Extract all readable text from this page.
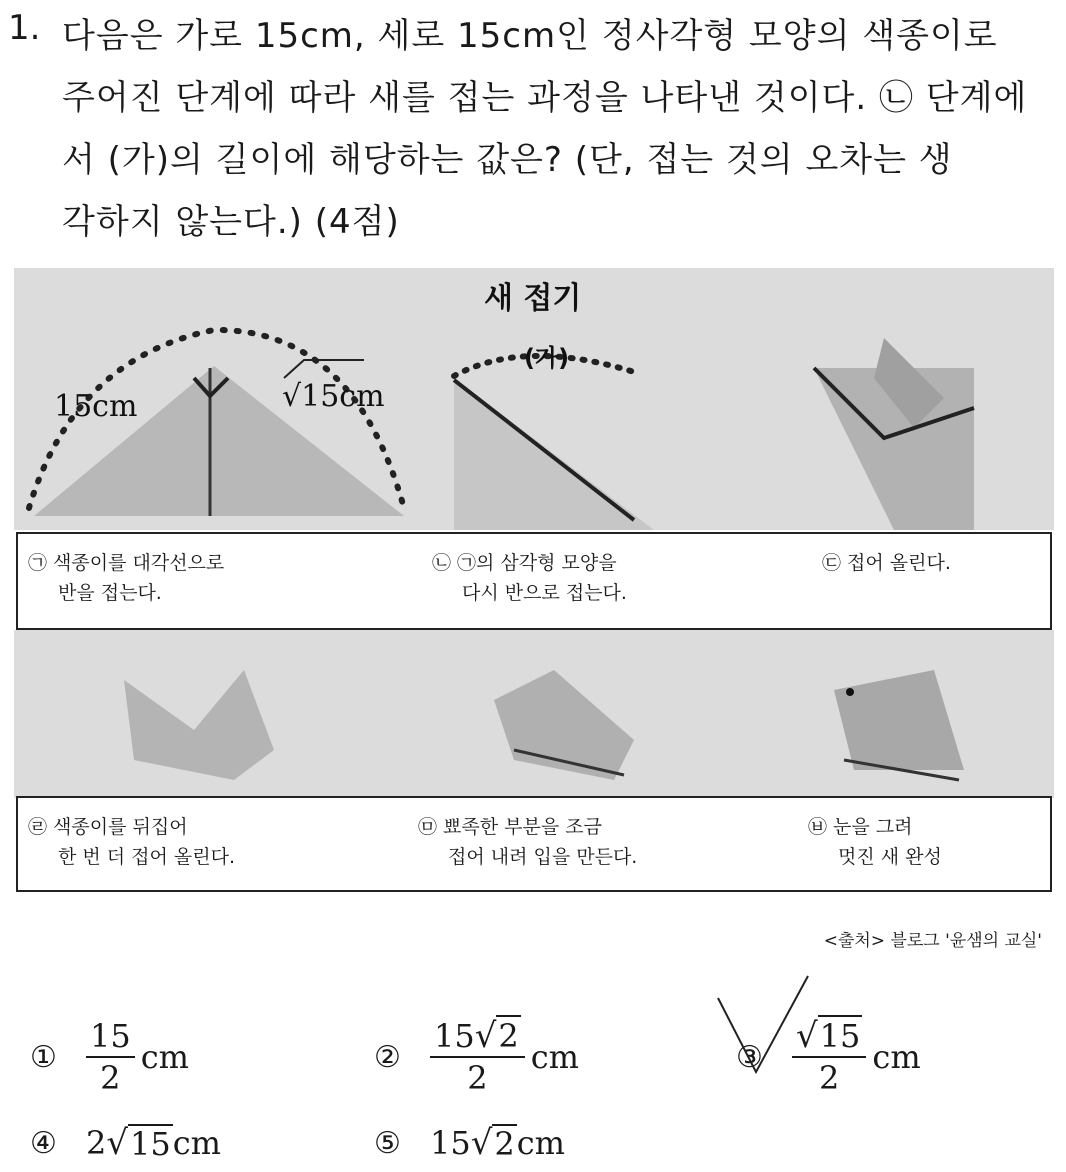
1. 다음은 가로 15cm, 세로 15cm인 정사각형 모양의 색종이로
주어진 단계에 따라 새를 접는 과정을 나타낸 것이다. ㉡ 단계에
서 (가)의 길이에 해당하는 값은? (단, 접는 것의 오차는 생
각하지 않는다.) (4점)
15cm	√15cm
새 접기
(가)
㉠ 색종이를 대각선으로
반을 접는다.
㉡ ㉠의 삼각형 모양을
다시 반으로 접는다.
㉢ 접어 올린다.
㉣ 색종이를 뒤집어
한 번 더 접어 올린다.
㉤ 뾰족한 부분을 조금
접어 내려 입을 만든다.
㉥ 눈을 그려
멋진 새 완성
<출처> 블로그 '윤샘의 교실'
① $\frac{15}{2}$ cm	② $\frac{15√2}{2}$ cm	③ $\frac{√15}{2}$ cm
④ 2 √ 15 cm	⑤ 15 √ 2 cm
